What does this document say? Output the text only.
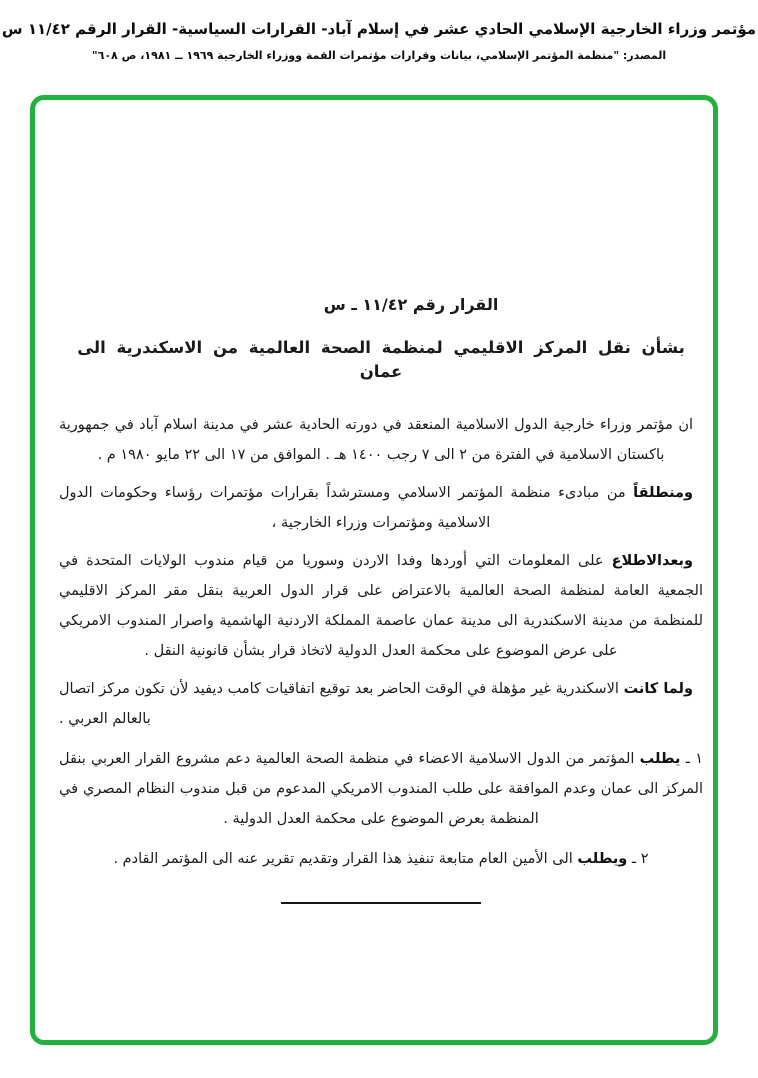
مؤتمر وزراء الخارجية الإسلامي الحادي عشر في إسلام آباد- القرارات السياسية- القرار الرقم ١١/٤٢ س
المصدر: "منظمة المؤتمر الإسلامي، بيانات وقرارات مؤتمرات القمة ووزراء الخارجية ١٩٦٩ ــ ١٩٨١، ص ٦٠٨"
القرار رقم ١١/٤٢ ـ س
بشأن نقل المركز الاقليمي لمنظمة الصحة العالمية من الاسكندرية الى عمان

ان مؤتمر وزراء خارجية الدول الاسلامية المنعقد في دورته الحادية عشر في مدينة اسلام آباد في جمهورية باكستان الاسلامية في الفترة من ٢ الى ٧ رجب ١٤٠٠ هـ . الموافق من ١٧ الى ٢٢ مايو ١٩٨٠ م .

ومنطلقاً من مبادىء منظمة المؤتمر الاسلامي ومسترشداً بقرارات مؤتمرات رؤساء وحكومات الدول الاسلامية ومؤتمرات وزراء الخارجية ،

وبعدالاطلاع على المعلومات التي أوردها وفدا الاردن وسوريا من قيام مندوب الولايات المتحدة في الجمعية العامة لمنظمة الصحة العالمية بالاعتراض على قرار الدول العربية بنقل مقر المركز الاقليمي للمنظمة من مدينة الاسكندرية الى مدينة عمان عاصمة المملكة الاردنية الهاشمية واصرار المندوب الامريكي على عرض الموضوع على محكمة العدل الدولية لاتخاذ قرار بشأن قانونية النقل .

ولما كانت الاسكندرية غير مؤهلة في الوقت الحاضر بعد توقيع اتفاقيات كامب ديفيد لأن تكون مركز اتصال بالعالم العربي .

١ ـ يطلب المؤتمر من الدول الاسلامية الاعضاء في منظمة الصحة العالمية دعم مشروع القرار العربي بنقل المركز الى عمان وعدم الموافقة على طلب المندوب الامريكي المدعوم من قبل مندوب النظام المصري في المنظمة بعرض الموضوع على محكمة العدل الدولية .

٢ ـ ويطلب الى الأمين العام متابعة تنفيذ هذا القرار وتقديم تقرير عنه الى المؤتمر القادم .
